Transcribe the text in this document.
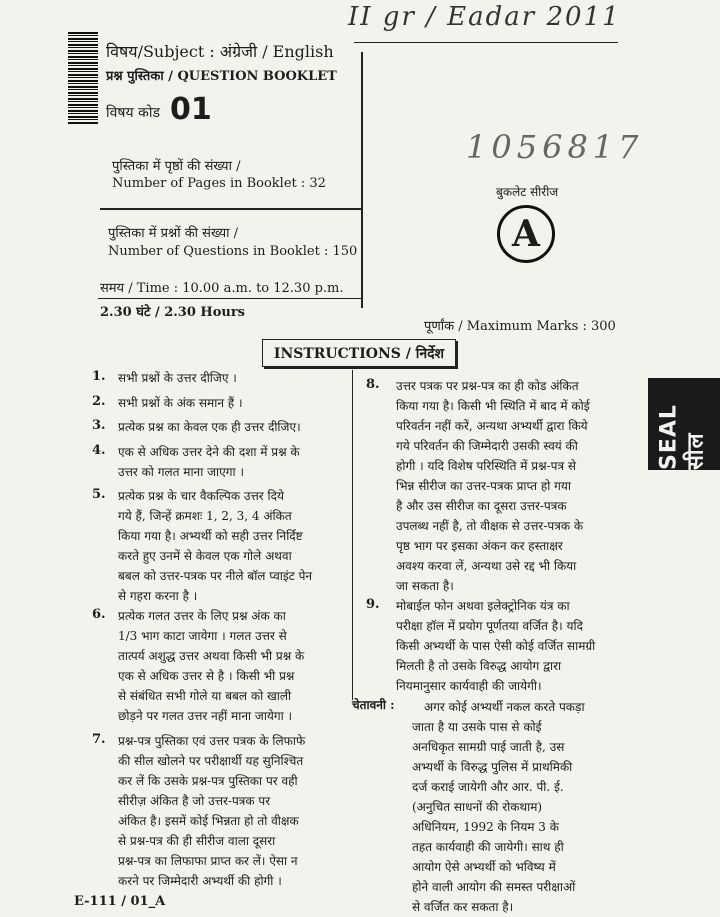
II gr / Eadar 2011
1056817
विषय/Subject : अंग्रेजी / English
प्रश्न पुस्तिका / QUESTION BOOKLET
विषय कोड 01
पुस्तिका में पृष्ठों की संख्या /
Number of Pages in Booklet : 32
पुस्तिका में प्रश्नों की संख्या /
Number of Questions in Booklet : 150
समय / Time : 10.00 a.m. to 12.30 p.m.
2.30 घंटे / 2.30 Hours
पूर्णांक / Maximum Marks : 300
बुकलेट सीरीज
A
INSTRUCTIONS / निर्देश
1. सभी प्रश्नों के उत्तर दीजिए ।
2. सभी प्रश्नों के अंक समान हैं ।
3. प्रत्येक प्रश्न का केवल एक ही उत्तर दीजिए।
4. एक से अधिक उत्तर देने की दशा में प्रश्न के
उत्तर को गलत माना जाएगा ।
5. प्रत्येक प्रश्न के चार वैकल्पिक उत्तर दिये
गये हैं, जिन्हें क्रमशः 1, 2, 3, 4 अंकित
किया गया है। अभ्यर्थी को सही उत्तर निर्दिष्ट
करते हुए उनमें से केवल एक गोले अथवा
बबल को उत्तर-पत्रक पर नीले बॉल प्वाइंट पेन
से गहरा करना है ।
6. प्रत्येक गलत उत्तर के लिए प्रश्न अंक का
1/3 भाग काटा जायेगा । गलत उत्तर से
तात्पर्य अशुद्ध उत्तर अथवा किसी भी प्रश्न के
एक से अधिक उत्तर से है । किसी भी प्रश्न
से संबंधित सभी गोले या बबल को खाली
छोड़ने पर गलत उत्तर नहीं माना जायेगा ।
7. प्रश्न-पत्र पुस्तिका एवं उत्तर पत्रक के लिफाफे
की सील खोलने पर परीक्षार्थी यह सुनिश्चित
कर लें कि उसके प्रश्न-पत्र पुस्तिका पर वही
सीरीज़ अंकित है जो उत्तर-पत्रक पर
अंकित है। इसमें कोई भिन्नता हो तो वीक्षक
से प्रश्न-पत्र की ही सीरीज वाला दूसरा
प्रश्न-पत्र का लिफाफा प्राप्त कर लें। ऐसा न
करने पर जिम्मेदारी अभ्यर्थी की होगी ।
8. उत्तर पत्रक पर प्रश्न-पत्र का ही कोड अंकित
किया गया है। किसी भी स्थिति में बाद में कोई
परिवर्तन नहीं करें, अन्यथा अभ्यर्थी द्वारा किये
गये परिवर्तन की जिम्मेदारी उसकी स्वयं की
होगी । यदि विशेष परिस्थिति में प्रश्न-पत्र से
भिन्न सीरीज का उत्तर-पत्रक प्राप्त हो गया
है और उस सीरीज का दूसरा उत्तर-पत्रक
उपलब्ध नहीं है, तो वीक्षक से उत्तर-पत्रक के
पृष्ठ भाग पर इसका अंकन कर हस्ताक्षर
अवश्य करवा लें, अन्यथा उसे रद्द भी किया
जा सकता है।
9. मोबाईल फोन अथवा इलेक्ट्रोनिक यंत्र का
परीक्षा हॉल में प्रयोग पूर्णतया वर्जित है। यदि
किसी अभ्यर्थी के पास ऐसी कोई वर्जित सामग्री
मिलती है तो उसके विरुद्ध आयोग द्वारा
नियमानुसार कार्यवाही की जायेगी।
चेतावनी : अगर कोई अभ्यर्थी नकल करते पकड़ा
जाता है या उसके पास से कोई
अनधिकृत सामग्री पाई जाती है, उस
अभ्यर्थी के विरुद्ध पुलिस में प्राथमिकी
दर्ज कराई जायेगी और आर. पी. ई.
(अनुचित साधनों की रोकथाम)
अधिनियम, 1992 के नियम 3 के
तहत कार्यवाही की जायेगी। साथ ही
आयोग ऐसे अभ्यर्थी को भविष्य में
होने वाली आयोग की समस्त परीक्षाओं
से वर्जित कर सकता है।
SEAL सील
E-111 / 01_A
